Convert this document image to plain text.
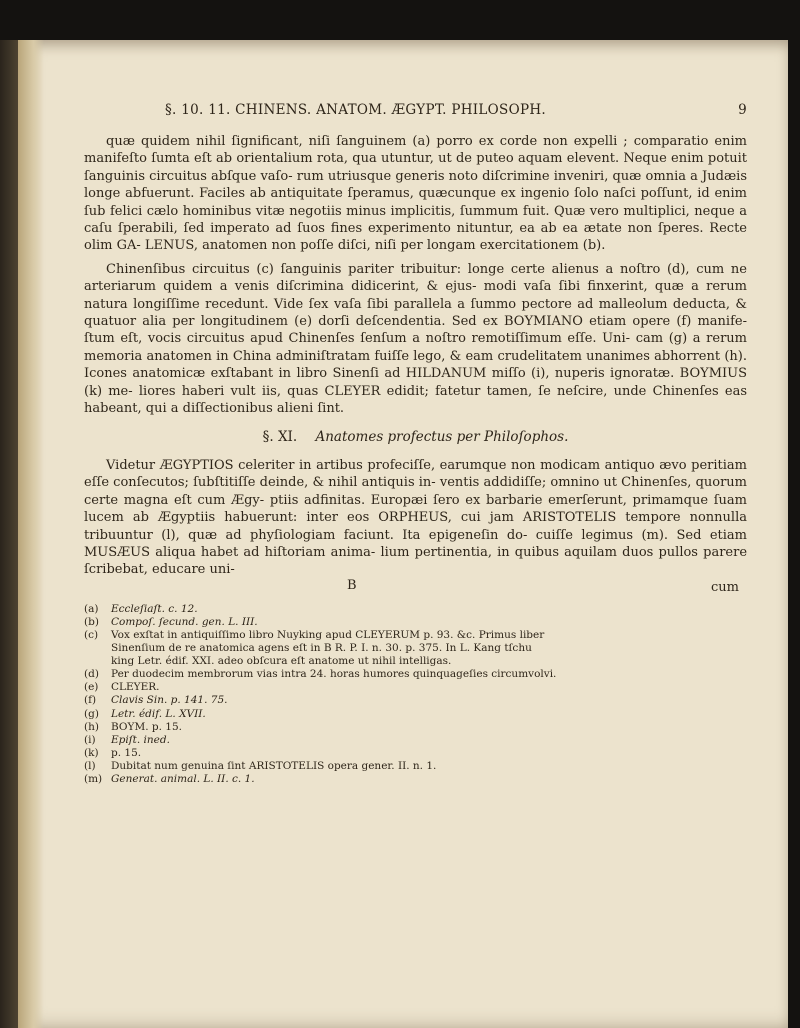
§. 10. 11. CHINENS. ANATOM. ÆGYPT. PHILOSOPH.	9

quæ quidem nihil ſignificant, niſi ſanguinem (a) porro ex corde non expelli ; comparatio enim manifeſto ſumta eſt ab orientalium rota, qua utuntur, ut de puteo aquam elevent. Neque enim potuit ſanguinis circuitus abſque vaſo- rum utriusque generis noto diſcrimine inveniri, quæ omnia a Judæis longe abfuerunt. Faciles ab antiquitate ſperamus, quæcunque ex ingenio ſolo naſci poſſunt, id enim ſub felici cælo hominibus vitæ negotiis minus implicitis, ſummum fuit. Quæ vero multiplici, neque a caſu ſperabili, ſed imperato ad ſuos fines experimento nituntur, ea ab ea ætate non ſperes. Recte olim GA- LENUS, anatomen non poſſe diſci, niſi per longam exercitationem (b).

Chinenſibus circuitus (c) ſanguinis pariter tribuitur: longe certe alienus a noſtro (d), cum ne arteriarum quidem a venis diſcrimina didicerint, & ejus- modi vaſa ſibi finxerint, quæ a rerum natura longiſſime recedunt. Vide ſex vaſa ſibi parallela a ſummo pectore ad malleolum deducta, & quatuor alia per longitudinem (e) dorſi deſcendentia. Sed ex BOYMIANO etiam opere (f) manife- ſtum eſt, vocis circuitus apud Chinenſes ſenſum a noſtro remotiſſimum eſſe. Uni- cam (g) a rerum memoria anatomen in China adminiſtratam fuiſſe lego, & eam crudelitatem unanimes abhorrent (h). Icones anatomicæ exſtabant in libro Sinenſi ad HILDANUM miſſo (i), nuperis ignoratæ. BOYMIUS (k) me- liores haberi vult iis, quas CLEYER edidit; fatetur tamen, ſe neſcire, unde Chinenſes eas habeant, qui a diſſectionibus alieni ſint.

§. XI. Anatomes profectus per Philoſophos.

Videtur ÆGYPTIOS celeriter in artibus profeciſſe, earumque non modicam antiquo ævo peritiam eſſe conſecutos; ſubſtitiſſe deinde, & nihil antiquis in- ventis addidiſſe; omnino ut Chinenſes, quorum certe magna eſt cum Ægy- ptiis adfinitas. Europæi ſero ex barbarie emerſerunt, primamque ſuam lucem ab Ægyptiis habuerunt: inter eos ORPHEUS, cui jam ARISTOTELIS tempore nonnulla tribuuntur (l), quæ ad phyſiologiam faciunt. Ita epigeneſin do- cuiſſe legimus (m). Sed etiam MUSÆUS aliqua habet ad hiſtoriam anima- lium pertinentia, in quibus aquilam duos pullos parere ſcribebat, educare uni-

B	cum
(a)	Eccleſiaſt. c. 12.
(b)	Compoſ. ſecund. gen. L. III.
(c)	Vox exſtat in antiquiſſimo libro Nuyking apud CLEYERUM p. 93. &c. Primus liber
Sinenſium de re anatomica agens eſt in B R. P. I. n. 30. p. 375. In L. Kang tſchu
king Letr. édif. XXI. adeo obſcura eſt anatome ut nihil intelligas.
(d)	Per duodecim membrorum vias intra 24. horas humores quinquageſies circumvolvi.
(e)	CLEYER.
(f)	Clavis Sin. p. 141. 75.
(g)	Letr. édif. L. XVII.
(h)	BOYM. p. 15.
(i)	Epiſt. ined.
(k)	p. 15.
(l)	Dubitat num genuina ſint ARISTOTELIS opera gener. II. n. 1.
(m) Generat. animal. L. II. c. 1.
